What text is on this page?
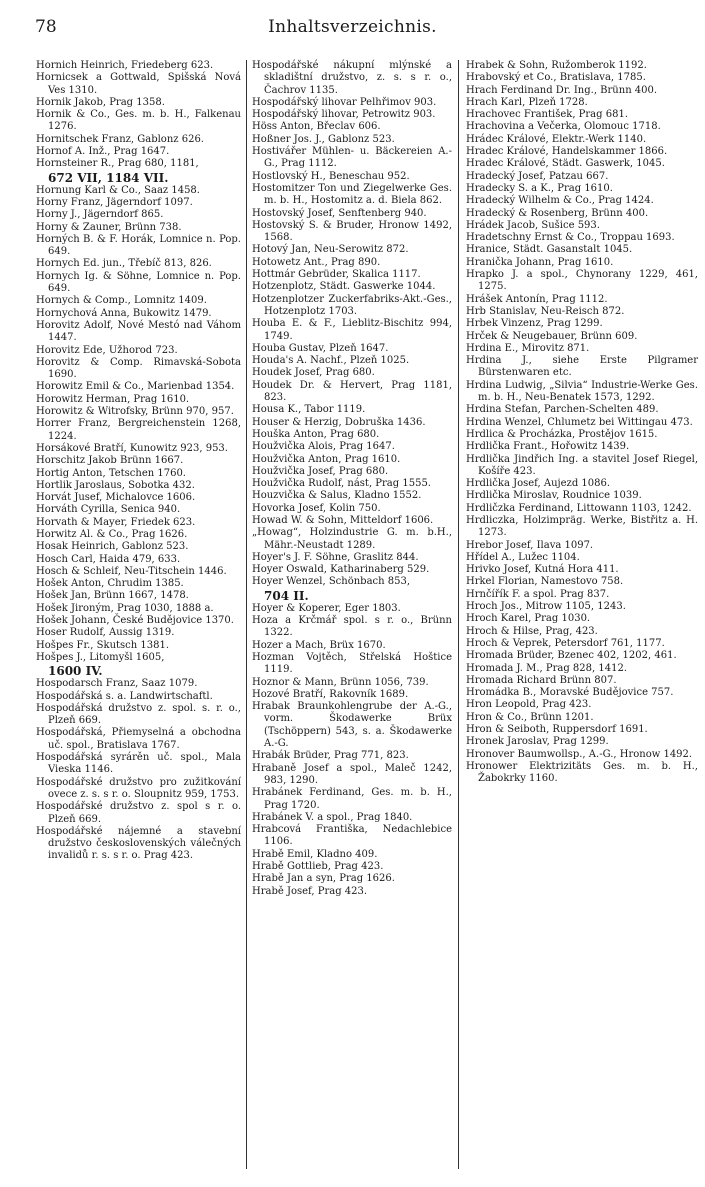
78	Inhaltsverzeichnis.
Hornich Heinrich, Friedeberg 623.
Hornicsek a Gottwald, Spišská Nová Ves 1310.
Hornik Jakob, Prag 1358.
Hornik & Co., Ges. m. b. H., Falkenau 1276.
Hornitschek Franz, Gablonz 626.
Hornof A. Inž., Prag 1647.
Hornsteiner R., Prag 680, 1181,
672 VII, 1184 VII.
Hornung Karl & Co., Saaz 1458.
Horny Franz, Jägerndorf 1097.
Horny J., Jägerndorf 865.
Horny & Zauner, Brünn 738.
Horných B. & F. Horák, Lomnice n. Pop. 649.
Hornych Ed. jun., Třebíč 813, 826.
Hornych Ig. & Söhne, Lomnice n. Pop. 649.
Hornych & Comp., Lomnitz 1409.
Hornychová Anna, Bukowitz 1479.
Horovitz Adolf, Nové Mestó nad Váhom 1447.
Horovitz Ede, Užhorod 723.
Horovitz & Comp. Rimavská-Sobota 1690.
Horowitz Emil & Co., Marienbad 1354.
Horowitz Herman, Prag 1610.
Horowitz & Witrofsky, Brünn 970, 957.
Horrer Franz, Bergreichenstein 1268, 1224.
Horsákové Bratří, Kunowitz 923, 953.
Horschitz Jakob Brünn 1667.
Hortig Anton, Tetschen 1760.
Hortlik Jaroslaus, Sobotka 432.
Horvát Jusef, Michalovce 1606.
Horváth Cyrilla, Senica 940.
Horvath & Mayer, Friedek 623.
Horwitz Al. & Co., Prag 1626.
Hosak Heinrich, Gablonz 523.
Hosch Carl, Haida 479, 633.
Hosch & Schleif, Neu-Titschein 1446.
Hošek Anton, Chrudim 1385.
Hošek Jan, Brünn 1667, 1478.
Hošek Jironým, Prag 1030, 1888 a.
Hošek Johann, České Budějovice 1370.
Hoser Rudolf, Aussig 1319.
Hošpes Fr., Skutsch 1381.
Hošpes J., Litomyšl 1605,
1600 IV.
Hospodarsch Franz, Saaz 1079.
Hospodářská s. a. Landwirtschaftl.
Hospodářská družstvo z. spol. s. r. o., Plzeň 669.
Hospodářská, Přiemyselná a obchodna uč. spol., Bratislava 1767.
Hospodářská syrárěn uč. spol., Mala Vieska 1146.
Hospodářské družstvo pro zužitkování ovece z. s. s r. o. Sloupnitz 959, 1753.
Hospodářské družstvo z. spol s r. o. Plzeň 669.
Hospodářské nájemné a stavební družstvo československých válečných invalidů r. s. s r. o. Prag 423.
Hospodářské nákupní mlýnské a skladištní družstvo, z. s. s r. o., Čachrov 1135.
Hospodářský lihovar Pelhřimov 903.
Hospodářský lihovar, Petrowitz 903.
Höss Anton, Břeclav 606.
Hoßner Jos. J., Gablonz 523.
Hostivářer Mühlen- u. Bäckereien A.-G., Prag 1112.
Hostlovský H., Beneschau 952.
Hostomitzer Ton und Ziegelwerke Ges. m. b. H., Hostomitz a. d. Biela 862.
Hostovský Josef, Senftenberg 940.
Hostovský S. & Bruder, Hronow 1492, 1568.
Hotový Jan, Neu-Serowitz 872.
Hotowetz Ant., Prag 890.
Hottmár Gebrüder, Skalica 1117.
Hotzenplotz, Städt. Gaswerke 1044.
Hotzenplotzer Zuckerfabriks-Akt.-Ges., Hotzenplotz 1703.
Houba E. & F., Lieblitz-Bischitz 994, 1749.
Houba Gustav, Plzeň 1647.
Houda's A. Nachf., Plzeň 1025.
Houdek Josef, Prag 680.
Houdek Dr. & Hervert, Prag 1181, 823.
Housa K., Tabor 1119.
Houser & Herzig, Dobruška 1436.
Houška Anton, Prag 680.
Houžvička Alois, Prag 1647.
Houžvička Anton, Prag 1610.
Houžvička Josef, Prag 680.
Houžvička Rudolf, nást, Prag 1555.
Houzvička & Salus, Kladno 1552.
Hovorka Josef, Kolin 750.
Howad W. & Sohn, Mitteldorf 1606.
„Howag“, Holzindustrie G. m. b.H., Mähr.-Neustadt 1289.
Hoyer's J. F. Söhne, Graslitz 844.
Hoyer Oswald, Katharinaberg 529.
Hoyer Wenzel, Schönbach 853,
704 II.
Hoyer & Koperer, Eger 1803.
Hoza a Krčmář spol. s r. o., Brünn 1322.
Hozer a Mach, Brüx 1670.
Hozman Vojtěch, Střelská Hoštice 1119.
Hoznor & Mann, Brünn 1056, 739.
Hozové Bratří, Rakovník 1689.
Hrabak Braunkohlengrube der A.-G., vorm. Škodawerke Brüx (Tschöppern) 543, s. a. Škodawerke A.-G.
Hrabák Brüder, Prag 771, 823.
Hrabaně Josef a spol., Maleč 1242, 983, 1290.
Hrabánek Ferdinand, Ges. m. b. H., Prag 1720.
Hrabánek V. a spol., Prag 1840.
Hrabcová Františka, Nedachlebice 1106.
Hrabě Emil, Kladno 409.
Hrabě Gottlieb, Prag 423.
Hrabě Jan a syn, Prag 1626.
Hrabě Josef, Prag 423.
Hrabek & Sohn, Ružomberok 1192.
Hrabovský et Co., Bratislava, 1785.
Hrach Ferdinand Dr. Ing., Brünn 400.
Hrach Karl, Plzeň 1728.
Hrachovec František, Prag 681.
Hrachovina a Večerka, Olomouc 1718.
Hrádec Králové, Elektr.-Werk 1140.
Hradec Králové, Handelskammer 1866.
Hradec Králové, Städt. Gaswerk, 1045.
Hradecký Josef, Patzau 667.
Hradecky S. a K., Prag 1610.
Hradecký Wilhelm & Co., Prag 1424.
Hradecký & Rosenberg, Brünn 400.
Hrádek Jacob, Sušice 593.
Hradetschny Ernst & Co., Troppau 1693.
Hranice, Städt. Gasanstalt 1045.
Hranička Johann, Prag 1610.
Hrapko J. a spol., Chynorany 1229, 461, 1275.
Hrášek Antonín, Prag 1112.
Hrb Stanislav, Neu-Reisch 872.
Hrbek Vinzenz, Prag 1299.
Hrček & Neugebauer, Brünn 609.
Hrdina E., Mirovitz 871.
Hrdina J., siehe Erste Pilgramer Bürstenwaren etc.
Hrdina Ludwig, „Silvia“ Industrie-Werke Ges. m. b. H., Neu-Benatek 1573, 1292.
Hrdina Stefan, Parchen-Schelten 489.
Hrdina Wenzel, Chlumetz bei Wittingau 473.
Hrdlica & Procházka, Prostějov 1615.
Hrdlička Frant., Hořowitz 1439.
Hrdlička Jindřich Ing. a stavitel Josef Riegel, Košíře 423.
Hrdlička Josef, Aujezd 1086.
Hrdlička Miroslav, Roudnice 1039.
Hrdličzka Ferdinand, Littowann 1103, 1242.
Hrdliczka, Holzimpräg. Werke, Bistřitz a. H. 1273.
Hrebor Josef, Ilava 1097.
Hřídel A., Lužec 1104.
Hrivko Josef, Kutná Hora 411.
Hrkel Florian, Namestovo 758.
Hrnčířík F. a spol. Prag 837.
Hroch Jos., Mitrow 1105, 1243.
Hroch Karel, Prag 1030.
Hroch & Hilse, Prag, 423.
Hroch & Veprek, Petersdorf 761, 1177.
Hromada Brüder, Bzenec 402, 1202, 461.
Hromada J. M., Prag 828, 1412.
Hromada Richard Brünn 807.
Hromádka B., Moravské Budějovice 757.
Hron Leopold, Prag 423.
Hron & Co., Brünn 1201.
Hron & Seiboth, Ruppersdorf 1691.
Hronek Jaroslav, Prag 1299.
Hronover Baumwollsp., A.-G., Hronow 1492.
Hronower Elektrizitäts Ges. m. b. H., Žabokrky 1160.
